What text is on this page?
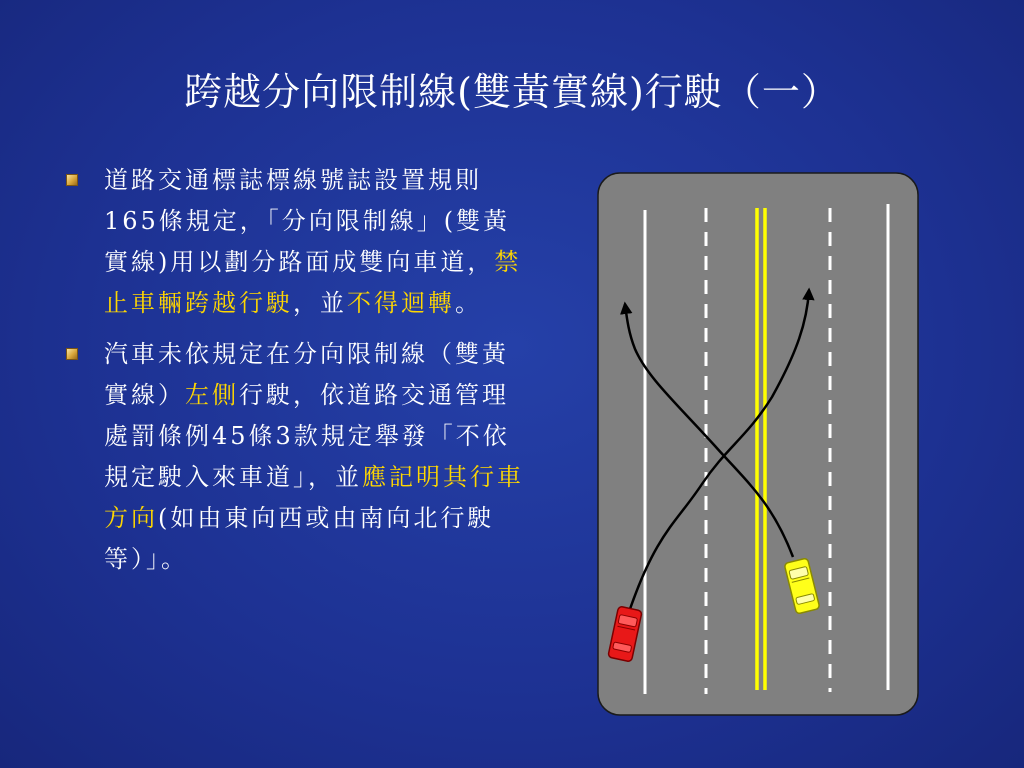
跨越分向限制線(雙黃實線)行駛（一）
道路交通標誌標線號誌設置規則165條規定，「分向限制線」(雙黃實線)用以劃分路面成雙向車道，禁止車輛跨越行駛，並不得迴轉。
汽車未依規定在分向限制線（雙黃實線）左側行駛，依道路交通管理處罰條例45條3款規定舉發「不依規定駛入來車道」，並應記明其行車方向(如由東向西或由南向北行駛等）」。
